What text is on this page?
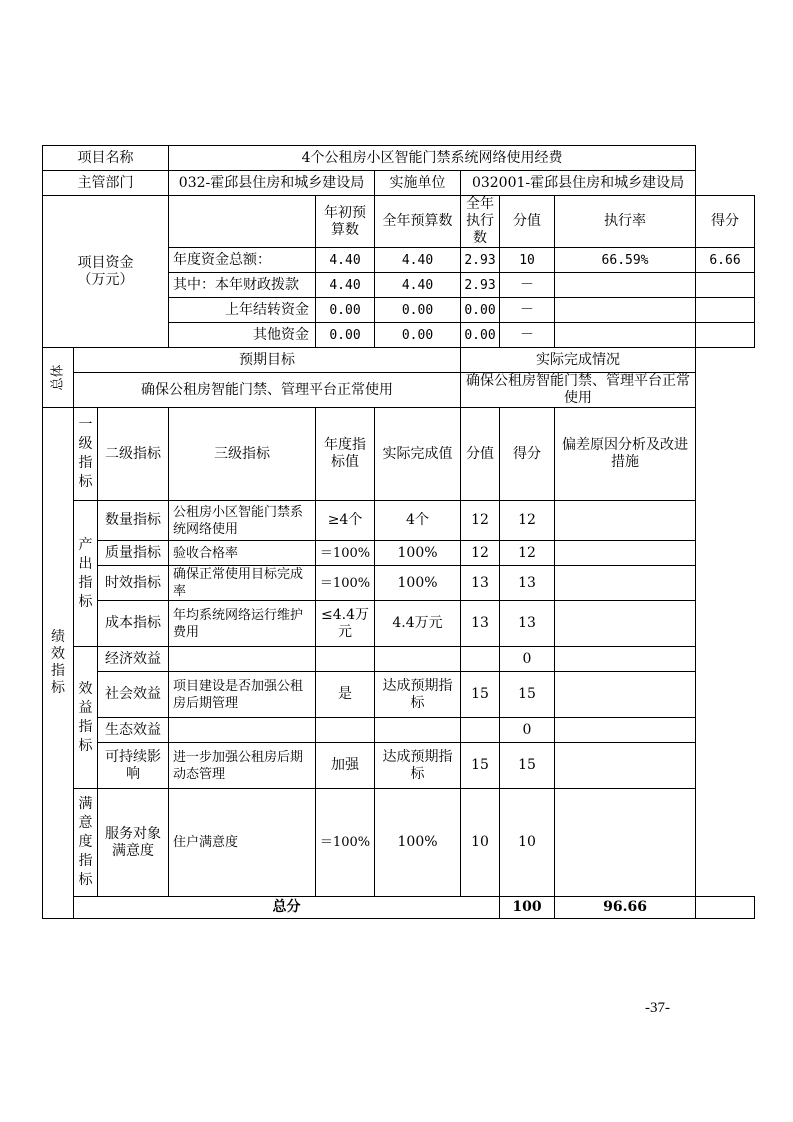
项目名称			4个公租房小区智能门禁系统网络使用经费						
主管部门			032-霍邱县住房和城乡建设局		实施单位	032001-霍邱县住房和城乡建设局			

项目资金
（万元）				年初预算数	全年预算数	全年执行数	分值	执行率	得分
			年度资金总额：	4.40	4.40	2.93	10	66.59%	6.66
			其中：本年财政拨款	4.40	4.40	2.93	－		
			上年结转资金	0.00	0.00	0.00	－		
			其他资金	0.00	0.00	0.00	－		
总体	预期目标					实际完成情况			
	确保公租房智能门禁、管理平台正常使用					确保公租房智能门禁、管理平台正常使用			

绩效指标	一级指标	二级指标	三级指标	年度指标值	实际完成值	分值	得分	偏差原因分析及改进措施	

	产出指标	数量指标	公租房小区智能门禁系统网络使用	≥4个	4个	12	12		
		质量指标	验收合格率	＝100%	100%	12	12		
		时效指标	确保正常使用目标完成率	＝100%	100%	13	13		
		成本指标	年均系统网络运行维护费用	≤4.4万元	4.4万元	13	13		

	效益指标	经济效益					0		
		社会效益	项目建设是否加强公租房后期管理	是	达成预期指标	15	15		
		生态效益					0		
		可持续影响	进一步加强公租房后期动态管理	加强	达成预期指标	15	15		

	满意度指标	服务对象满意度	住户满意度	＝100%	100%	10	10		
	总分						100	96.66	
-37-
